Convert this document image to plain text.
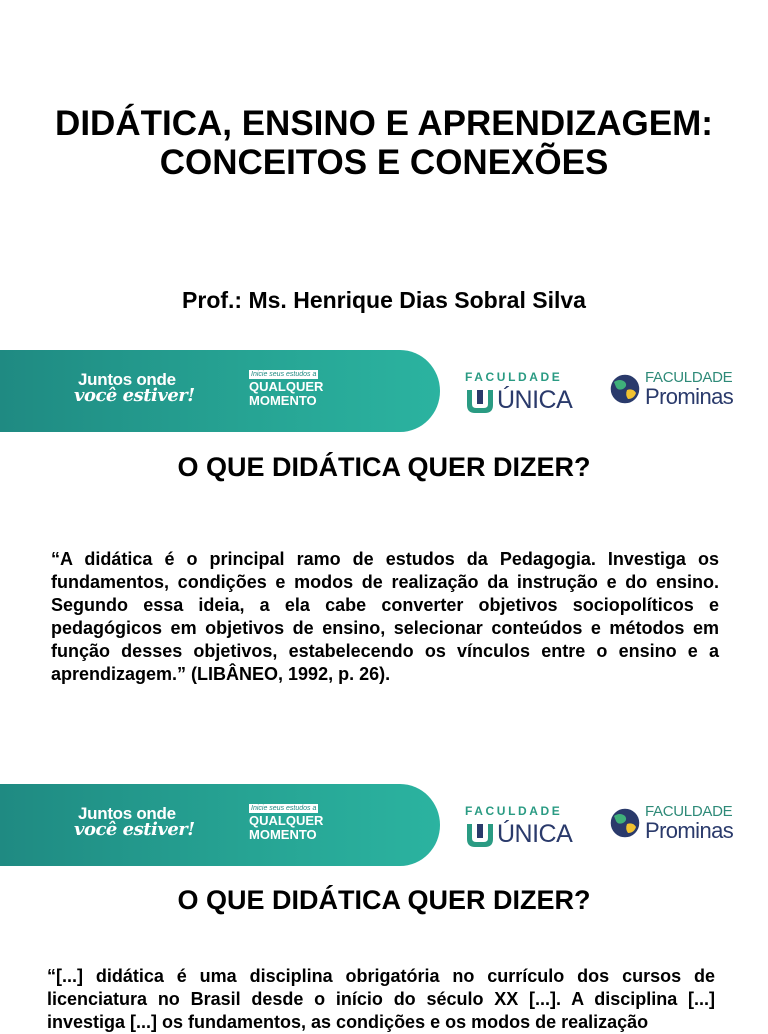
DIDÁTICA, ENSINO E APRENDIZAGEM:
CONCEITOS E CONEXÕES

Prof.: Ms. Henrique Dias Sobral Silva

Juntos onde
você estiver!
Inicie seus estudos a
QUALQUER
MOMENTO
FACULDADE
ÚNICA
FACULDADE
Prominas
O QUE DIDÁTICA QUER DIZER?

“A didática é o principal ramo de estudos da Pedagogia. Investiga os fundamentos, condições e modos de realização da instrução e do ensino. Segundo essa ideia, a ela cabe converter objetivos sociopolíticos e pedagógicos em objetivos de ensino, selecionar conteúdos e métodos em função desses objetivos, estabelecendo os vínculos entre o ensino e a aprendizagem.” (LIBÂNEO, 1992, p. 26).

Juntos onde
você estiver!
Inicie seus estudos a
QUALQUER
MOMENTO
FACULDADE
ÚNICA
FACULDADE
Prominas
O QUE DIDÁTICA QUER DIZER?

“[...] didática é uma disciplina obrigatória no currículo dos cursos de licenciatura no Brasil desde o início do século XX [...]. A disciplina [...] investiga [...] os fundamentos, as condições e os modos de realização
